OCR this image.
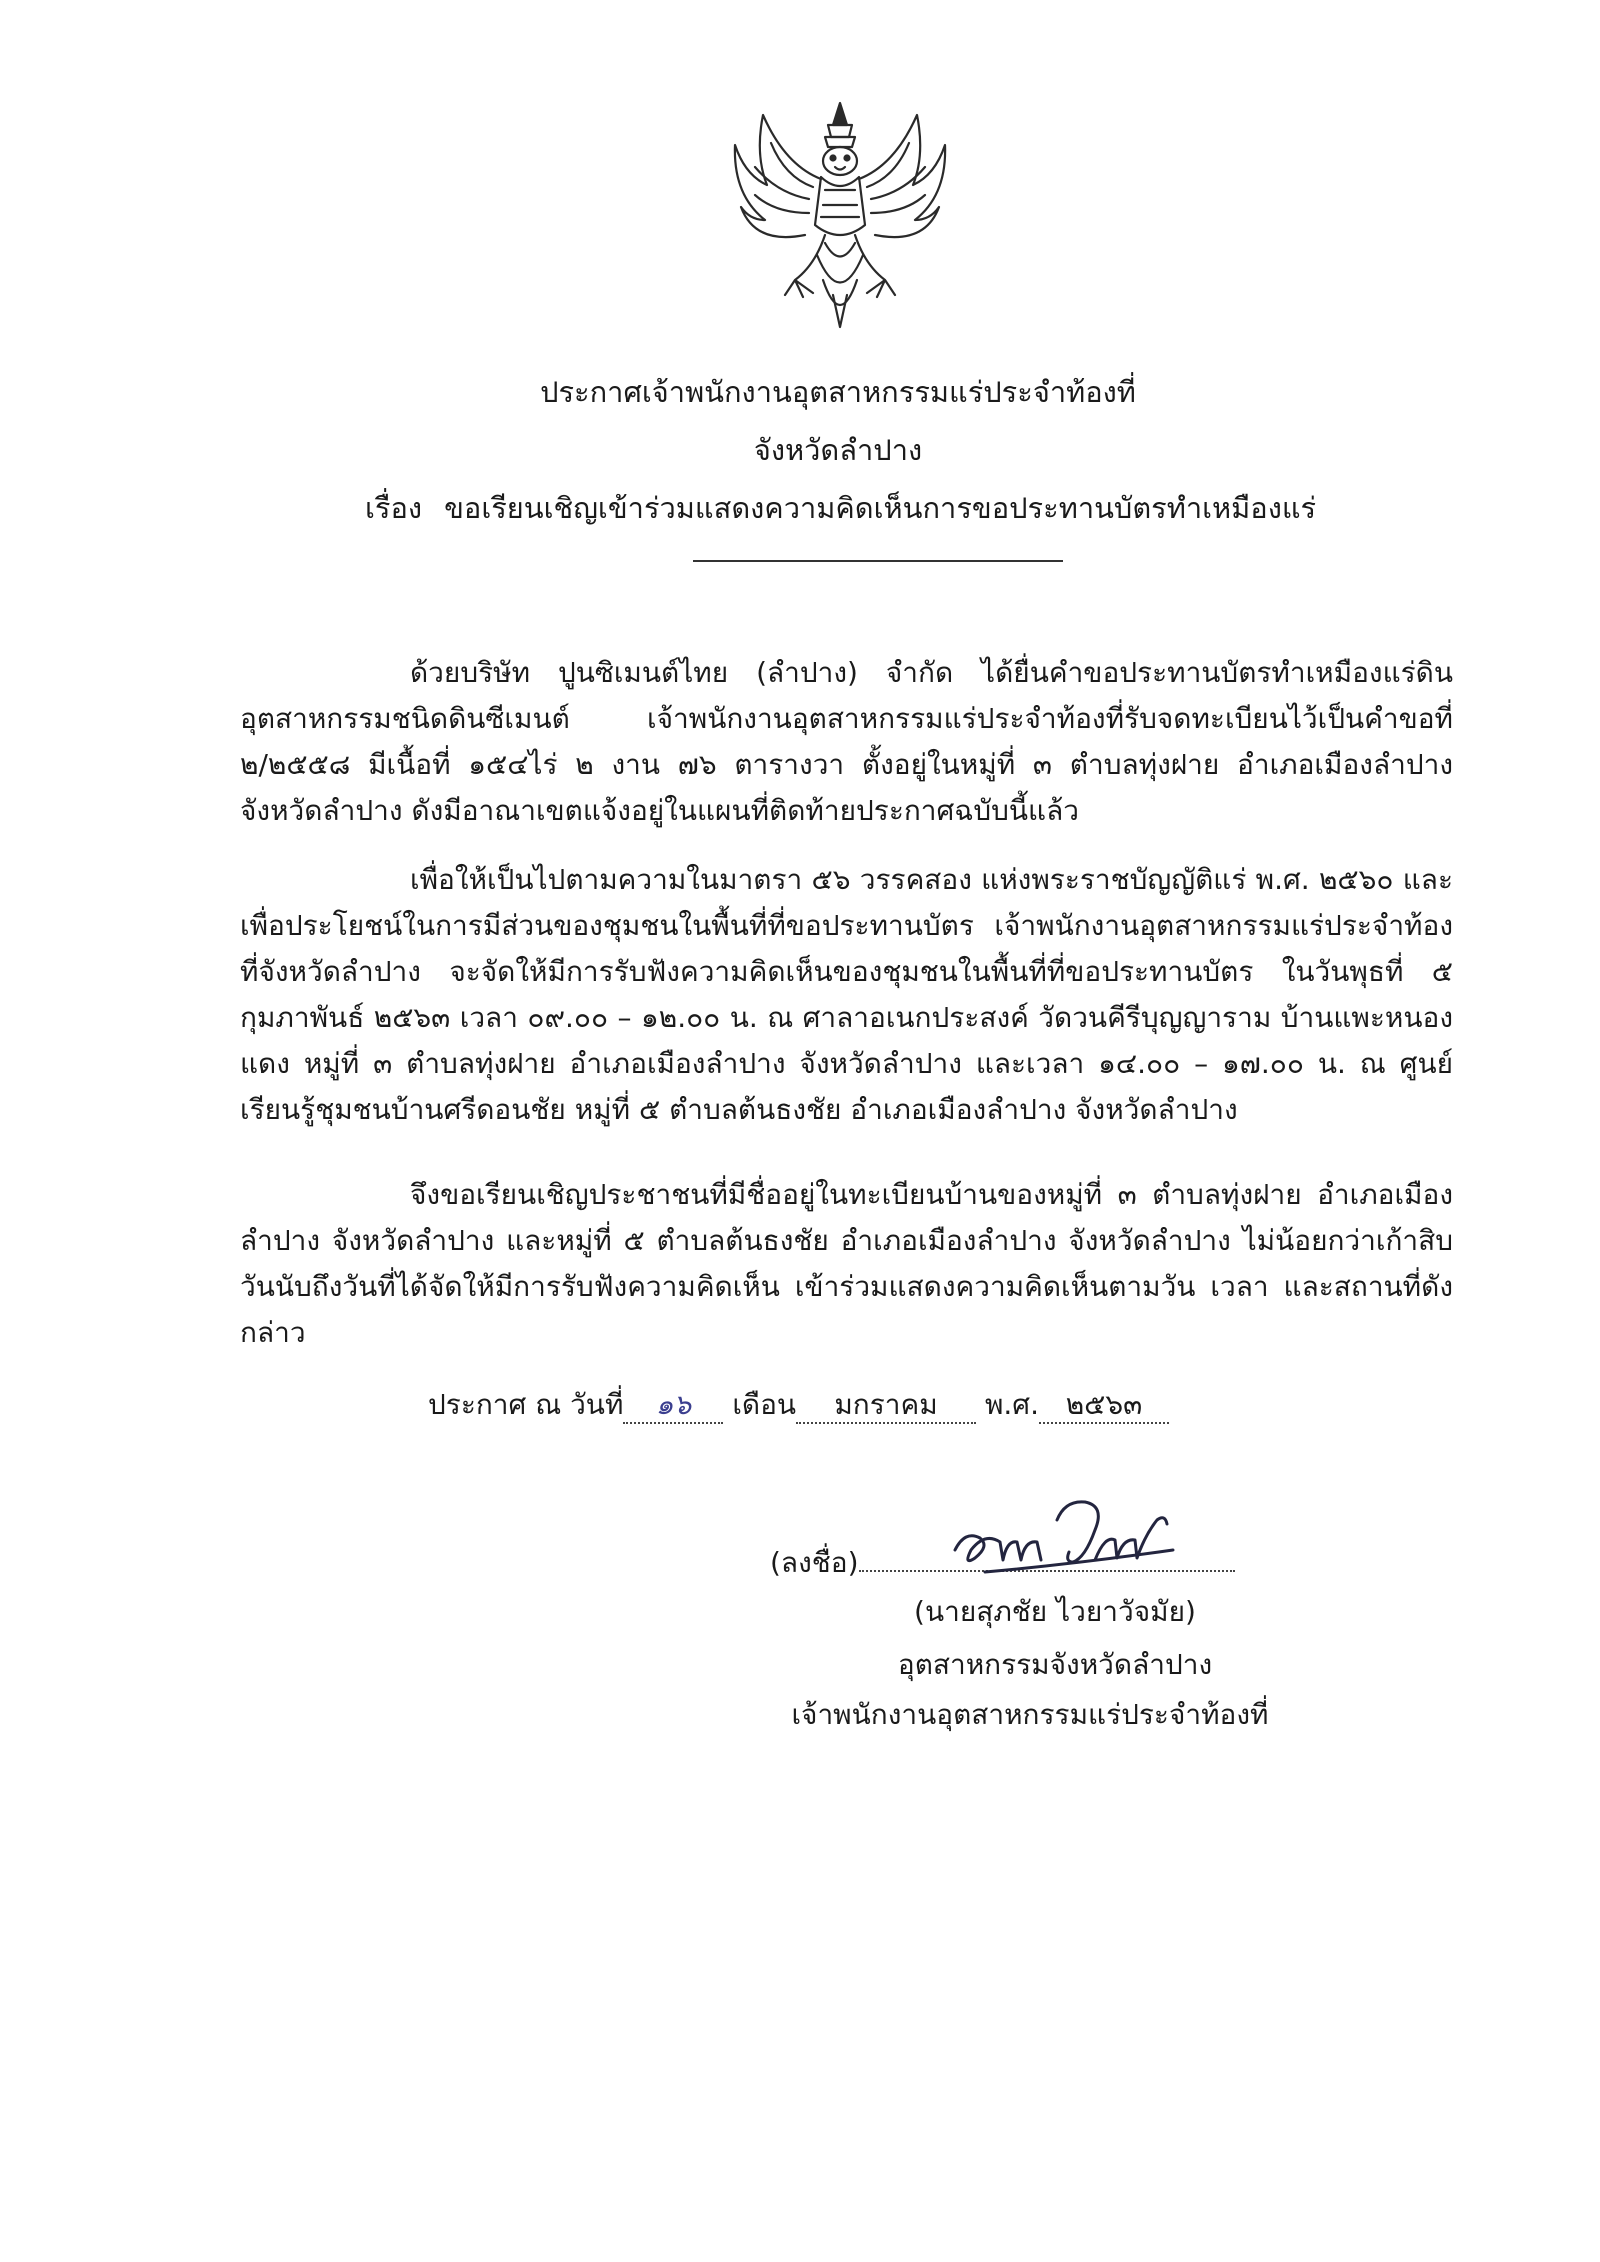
ประกาศเจ้าพนักงานอุตสาหกรรมแร่ประจำท้องที่
จังหวัดลำปาง
เรื่อง ขอเรียนเชิญเข้าร่วมแสดงความคิดเห็นการขอประทานบัตรทำเหมืองแร่

ด้วยบริษัท ปูนซิเมนต์ไทย (ลำปาง) จำกัด ได้ยื่นคำขอประทานบัตรทำเหมืองแร่ดินอุตสาหกรรมชนิดดินซีเมนต์ เจ้าพนักงานอุตสาหกรรมแร่ประจำท้องที่รับจดทะเบียนไว้เป็นคำขอที่ ๒/๒๕๕๘ มีเนื้อที่ ๑๕๔ไร่ ๒ งาน ๗๖ ตารางวา ตั้งอยู่ในหมู่ที่ ๓ ตำบลทุ่งฝาย อำเภอเมืองลำปาง จังหวัดลำปาง ดังมีอาณาเขตแจ้งอยู่ในแผนที่ติดท้ายประกาศฉบับนี้แล้ว

เพื่อให้เป็นไปตามความในมาตรา ๕๖ วรรคสอง แห่งพระราชบัญญัติแร่ พ.ศ. ๒๕๖๐ และเพื่อประโยชน์ในการมีส่วนของชุมชนในพื้นที่ที่ขอประทานบัตร เจ้าพนักงานอุตสาหกรรมแร่ประจำท้องที่จังหวัดลำปาง จะจัดให้มีการรับฟังความคิดเห็นของชุมชนในพื้นที่ที่ขอประทานบัตร ในวันพุธที่ ๕ กุมภาพันธ์ ๒๕๖๓ เวลา ๐๙.๐๐ – ๑๒.๐๐ น. ณ ศาลาอเนกประสงค์ วัดวนคีรีบุญญาราม บ้านแพะหนองแดง หมู่ที่ ๓ ตำบลทุ่งฝาย อำเภอเมืองลำปาง จังหวัดลำปาง และเวลา ๑๔.๐๐ – ๑๗.๐๐ น. ณ ศูนย์เรียนรู้ชุมชนบ้านศรีดอนชัย หมู่ที่ ๕ ตำบลต้นธงชัย อำเภอเมืองลำปาง จังหวัดลำปาง

จึงขอเรียนเชิญประชาชนที่มีชื่ออยู่ในทะเบียนบ้านของหมู่ที่ ๓ ตำบลทุ่งฝาย อำเภอเมืองลำปาง จังหวัดลำปาง และหมู่ที่ ๕ ตำบลต้นธงชัย อำเภอเมืองลำปาง จังหวัดลำปาง ไม่น้อยกว่าเก้าสิบวันนับถึงวันที่ได้จัดให้มีการรับฟังความคิดเห็น เข้าร่วมแสดงความคิดเห็นตามวัน เวลา และสถานที่ดังกล่าว

ประกาศ ณ วันที่ ๑๖ เดือน มกราคม พ.ศ. ๒๕๖๓
(ลงชื่อ)
(นายสุภชัย ไวยาวัจมัย)
อุตสาหกรรมจังหวัดลำปาง
เจ้าพนักงานอุตสาหกรรมแร่ประจำท้องที่
